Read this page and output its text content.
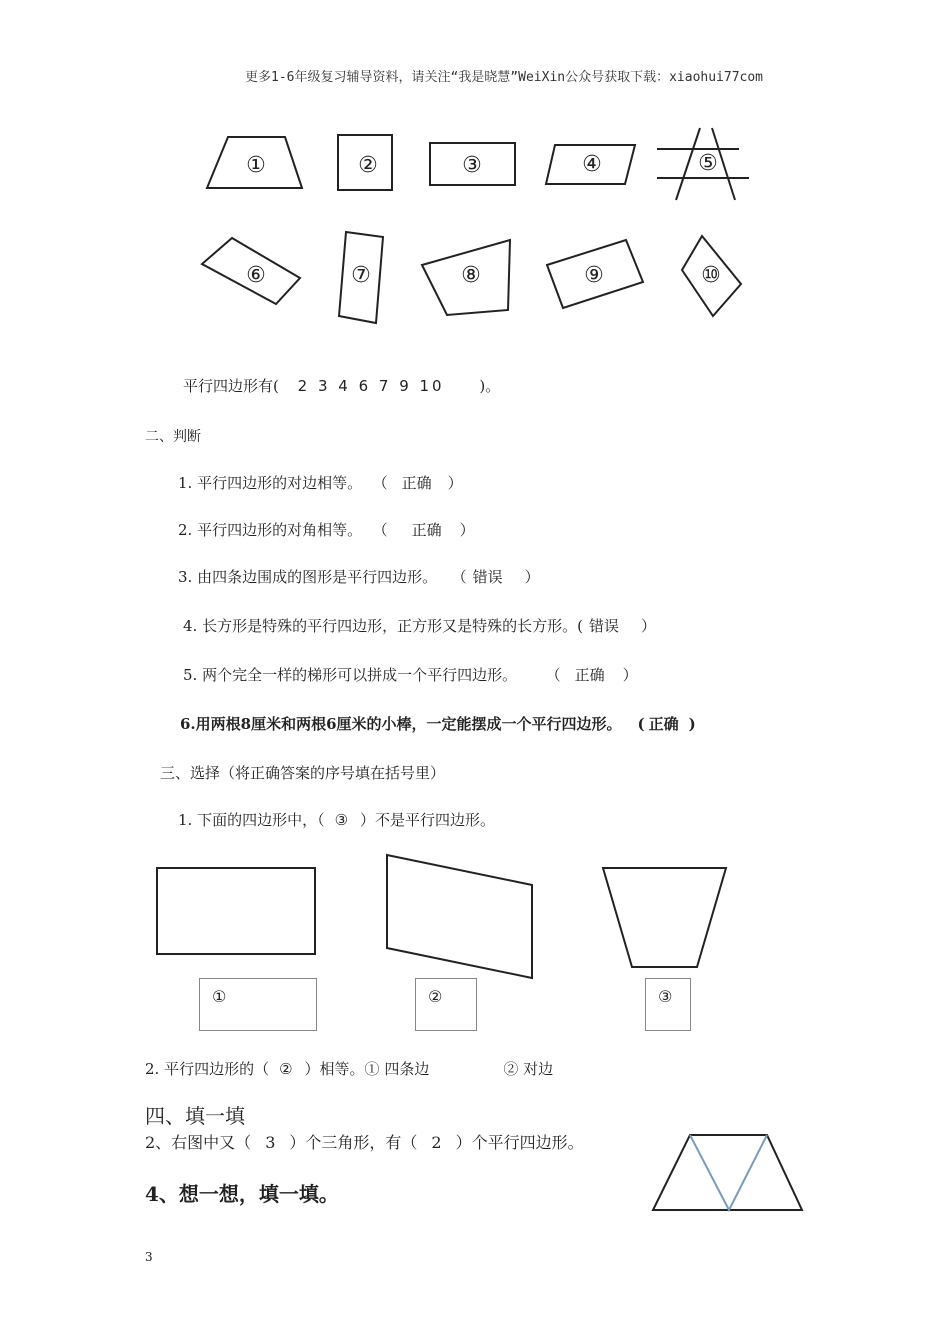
更多1-6年级复习辅导资料，请关注“我是晓慧”WeiXin公众号获取下载：xiaohui77com
①	②	③	④	⑤
⑥	⑦	⑧	⑨	⑩
平行四边形有( 2 3 4 6 7 9 10 )。
二、判断
1. 平行四边形的对边相等。 （ 正确 ）
2. 平行四边形的对角相等。 （ 正确 ）
3. 由四条边围成的图形是平行四边形。 （ 错误 ）
4. 长方形是特殊的平行四边形，正方形又是特殊的长方形。( 错误 ）
5. 两个完全一样的梯形可以拼成一个平行四边形。 （ 正确 ）
6.用两根8厘米和两根6厘米的小棒，一定能摆成一个平行四边形。 ( 正确 )
三、选择（将正确答案的序号填在括号里）
1. 下面的四边形中，（ ③ ）不是平行四边形。
①	②	③
2. 平行四边形的（ ② ）相等。① 四条边	② 对边
四、填一填
2、右图中又（ 3 ）个三角形，有（ 2 ）个平行四边形。
4、想一想，填一填。
3
